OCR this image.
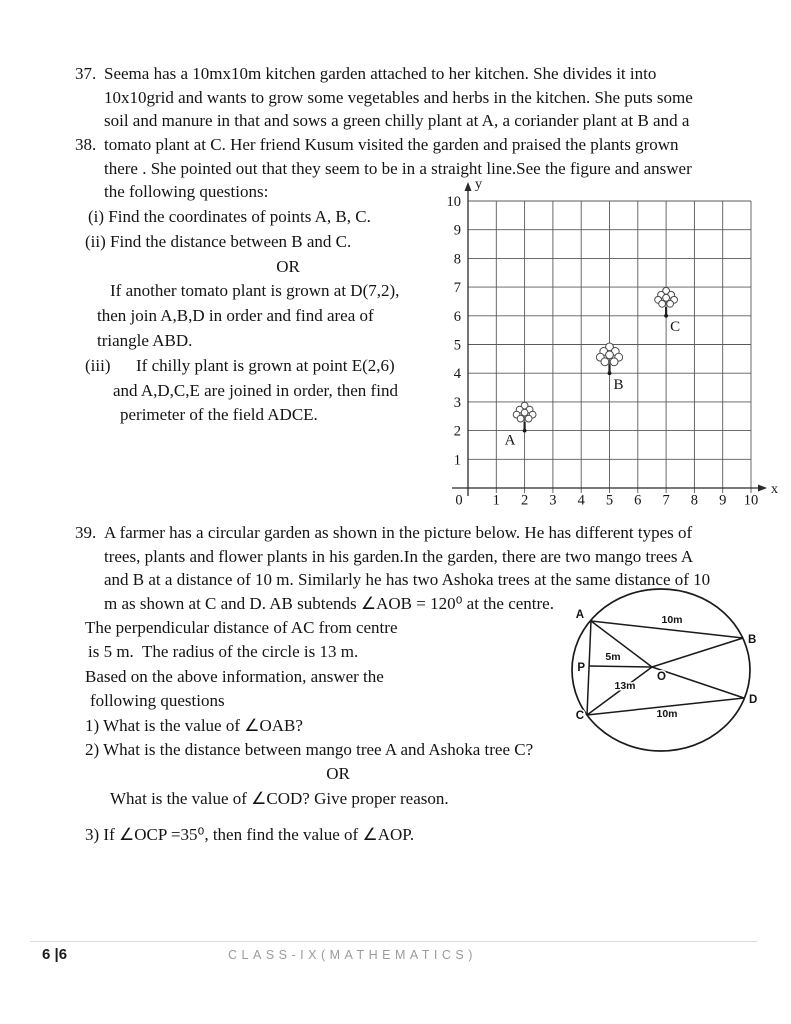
37. Seema has a 10mx10m kitchen garden attached to her kitchen. She divides it into
10x10grid and wants to grow some vegetables and herbs in the kitchen. She puts some
soil and manure in that and sows a green chilly plant at A, a coriander plant at B and a
38. tomato plant at C. Her friend Kusum visited the garden and praised the plants grown
there . She pointed out that they seem to be in a straight line.See the figure and answer
the following questions:
(i) Find the coordinates of points A, B, C.
(ii) Find the distance between B and C.
OR
If another tomato plant is grown at D(7,2),
then join A,B,D in order and find area of
triangle ABD.
(iii)      If chilly plant is grown at point E(2,6)
and A,D,C,E are joined in order, then find
perimeter of the field ADCE.
x
y
0 1 2 3 4 5 6 7 8 9 10
1
2
3
4
5
6
7
8
9
10
A
B
C
39. A farmer has a circular garden as shown in the picture below. He has different types of
trees, plants and flower plants in his garden.In the garden, there are two mango trees A
and B at a distance of 10 m. Similarly he has two Ashoka trees at the same distance of 10
m as shown at C and D. AB subtends ∠AOB = 120⁰ at the centre.
The perpendicular distance of AC from centre
is 5 m.  The radius of the circle is 13 m.
Based on the above information, answer the
following questions
1) What is the value of ∠OAB?
2) What is the distance between mango tree A and Ashoka tree C?
OR
What is the value of ∠COD? Give proper reason.
3) If ∠OCP =35⁰, then find the value of ∠AOP.
A
B
P
O
C
D
10m
5m
13m
10m
6 |6	CLASS-IX(MATHEMATICS)
